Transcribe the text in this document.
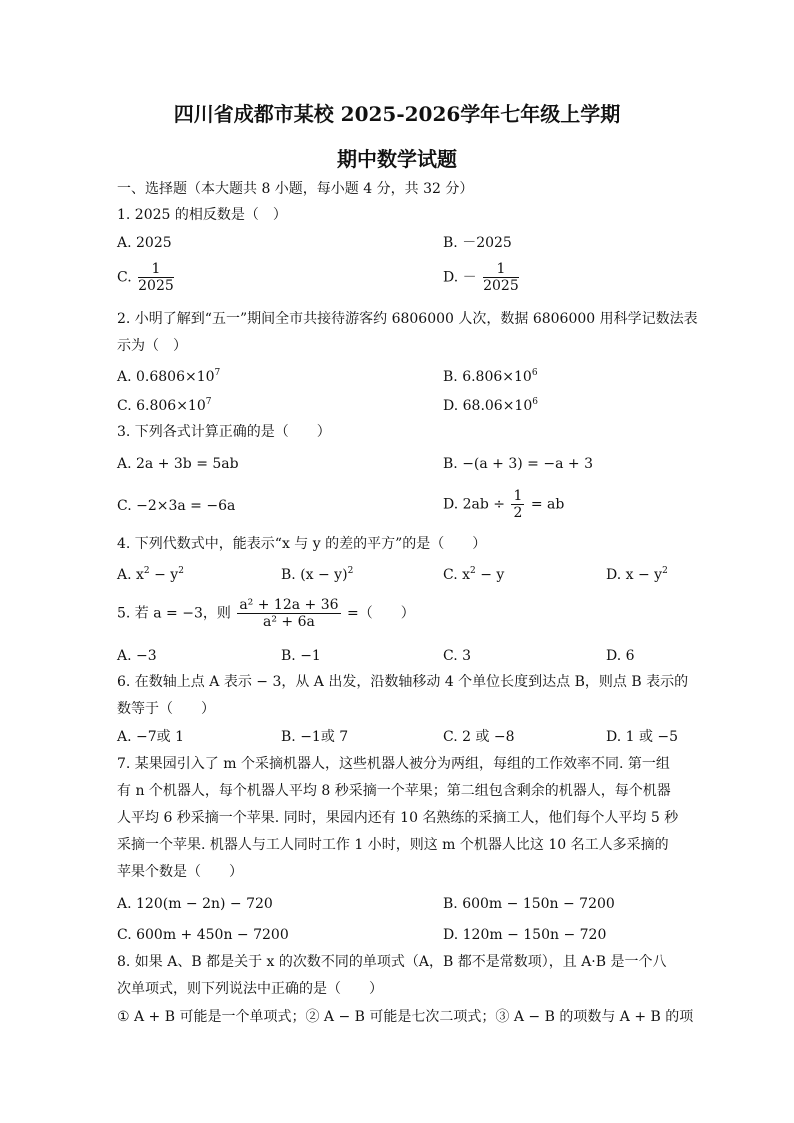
四川省成都市某校 2025-2026学年七年级上学期
期中数学试题
一、选择题（本大题共 8 小题，每小题 4 分，共 32 分）
1. 2025 的相反数是（　）
A. 2025	B. －2025
C. $\frac{1}{2025}$	D. － $\frac{1}{2025}$
2. 小明了解到“五一”期间全市共接待游客约 6806000 人次，数据 6806000 用科学记数法表
示为（　）
A. $0.6806\times 10^7$	B. $6.806\times 10^6$
C. $6.806\times 10^7$	D. $68.06\times 10^6$
3. 下列各式计算正确的是（　　）
A. 2a + 3b = 5ab	B. −(a + 3) = −a + 3
C. −2×3a = −6a	D. $2ab \div \frac{1}{2}$ = ab
4. 下列代数式中，能表示“x 与 y 的差的平方”的是（　　）
A. $x^2 - y^2$	B. $(x - y)^2$	C. $x^2 - y$	D. $x - y^2$
5. 若 a = −3，则 $\frac{\text{a² + 12a + 36}}{\text{a² + 6a}}$ =（　　）
A. −3	B. −1	C. 3	D. 6
6. 在数轴上点 A 表示 − 3，从 A 出发，沿数轴移动 4 个单位长度到达点 B，则点 B 表示的
数等于（　　）
A. −7或 1	B. −1或 7	C. 2 或 −8	D. 1 或 −5
7. 某果园引入了 m 个采摘机器人，这些机器人被分为两组，每组的工作效率不同. 第一组
有 n 个机器人，每个机器人平均 8 秒采摘一个苹果；第二组包含剩余的机器人，每个机器
人平均 6 秒采摘一个苹果. 同时，果园内还有 10 名熟练的采摘工人，他们每个人平均 5 秒
采摘一个苹果. 机器人与工人同时工作 1 小时，则这 m 个机器人比这 10 名工人多采摘的
苹果个数是（　　）
A. 120(m − 2n) − 720	B. 600m − 150n − 7200
C. 600m + 450n − 7200	D. 120m − 150n − 720
8. 如果 A、B 都是关于 x 的次数不同的单项式（A，B 都不是常数项），且 A·B 是一个八
次单项式，则下列说法中正确的是（　　）
① A + B 可能是一个单项式；② A − B 可能是七次二项式；③ A − B 的项数与 A + B 的项
